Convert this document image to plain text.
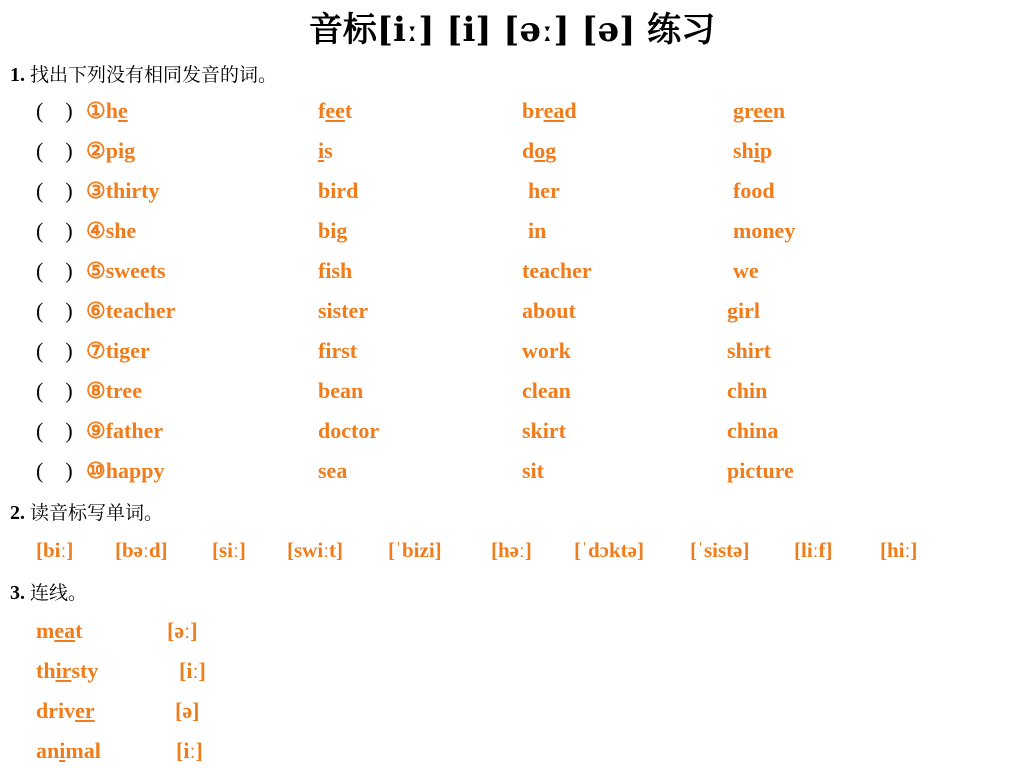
音标[iː] [i] [əː] [ə] 练习
1. 找出下列没有相同发音的词。
(    ) ①he	feet	bread	green
(    ) ②pig	is	dog	ship
(    ) ③thirty	bird	her	food
(    ) ④she	big	in	money
(    ) ⑤sweets	fish	teacher	we
(    ) ⑥teacher	sister	about	girl
(    ) ⑦tiger	first	work	shirt
(    ) ⑧tree	bean	clean	chin
(    ) ⑨father	doctor	skirt	china
(    ) ⑩happy	sea	sit	picture
2. 读音标写单词。
[biː] [bəːd] [siː] [swiːt] [ˈbizi] [həː] [ˈdɔktə] [ˈsistə] [liːf] [hiː]
3. 连线。
meat	[əː]
thirsty	[iː]
driver	[ə]
animal	[iː]
